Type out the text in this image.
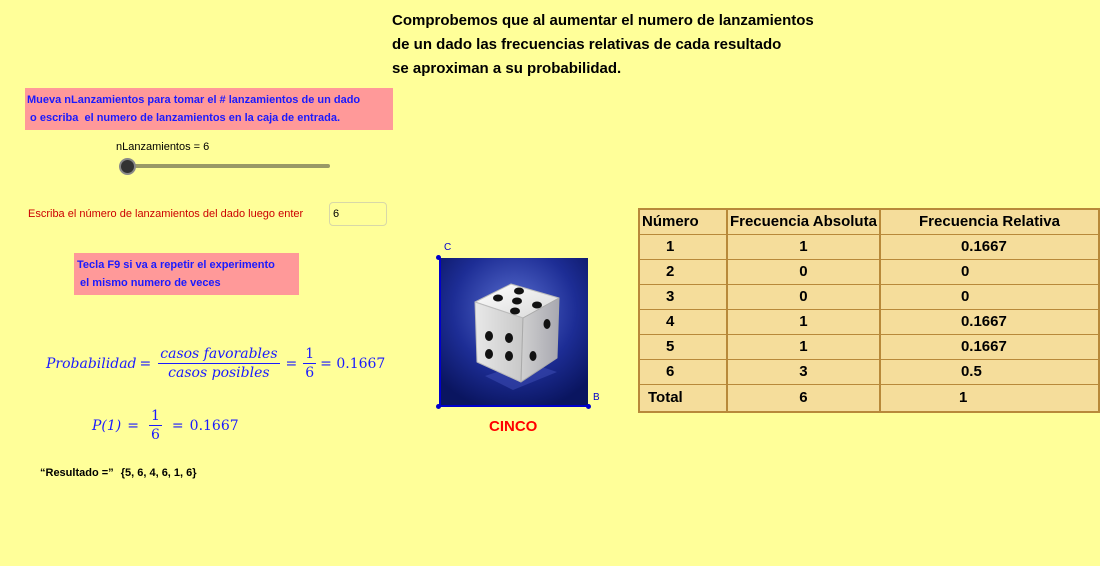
Comprobemos que al aumentar el numero de lanzamientos
de un dado las frecuencias relativas de cada resultado
se aproximan a su probabilidad.
Mueva nLanzamientos para tomar el # lanzamientos de un dado
o escriba  el numero de lanzamientos en la caja de entrada.
nLanzamientos = 6
Escriba el número de lanzamientos del dado luego enter
6
Tecla F9 si va a repetir el experimento
el mismo numero de veces
Probabilidad = $\frac{\text{casos favorables}}{\text{casos posibles}} = \frac{1}{6} = 0.1667$
$P(1) = \frac{1}{6} = 0.1667$
“Resultado =” {5, 6, 4, 6, 1, 6}
C
B
CINCO
Número	Frecuencia Absoluta	Frecuencia Relativa
1	1	0.1667
2	0	0
3	0	0
4	1	0.1667
5	1	0.1667
6	3	0.5
Total	6	1
